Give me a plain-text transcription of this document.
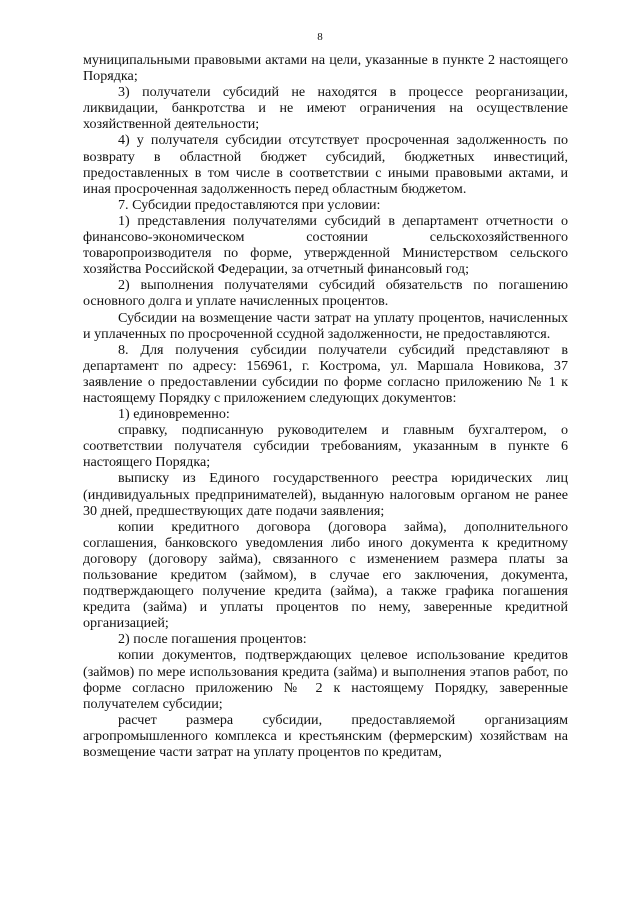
8

муниципальными правовыми актами на цели, указанные в пункте 2 настоящего Порядка;

3) получатели субсидий не находятся в процессе реорганизации, ликвидации, банкротства и не имеют ограничения на осуществление хозяйственной деятельности;

4) у получателя субсидии отсутствует просроченная задолженность по возврату в областной бюджет субсидий, бюджетных инвестиций, предоставленных в том числе в соответствии с иными правовыми актами, и иная просроченная задолженность перед областным бюджетом.

7. Субсидии предоставляются при условии:

1) представления получателями субсидий в департамент отчетности о финансово-экономическом состоянии сельскохозяйственного товаропроизводителя по форме, утвержденной Министерством сельского хозяйства Российской Федерации, за отчетный финансовый год;

2) выполнения получателями субсидий обязательств по погашению основного долга и уплате начисленных процентов.

Субсидии на возмещение части затрат на уплату процентов, начисленных и уплаченных по просроченной ссудной задолженности, не предоставляются.

8. Для получения субсидии получатели субсидий представляют в департамент по адресу: 156961, г. Кострома, ул. Маршала Новикова, 37 заявление о предоставлении субсидии по форме согласно приложению № 1 к настоящему Порядку с приложением следующих документов:

1) единовременно:

справку, подписанную руководителем и главным бухгалтером, о соответствии получателя субсидии требованиям, указанным в пункте 6 настоящего Порядка;

выписку из Единого государственного реестра юридических лиц (индивидуальных предпринимателей), выданную налоговым органом не ранее 30 дней, предшествующих дате подачи заявления;

копии кредитного договора (договора займа), дополнительного соглашения, банковского уведомления либо иного документа к кредитному договору (договору займа), связанного с изменением размера платы за пользование кредитом (займом), в случае его заключения, документа, подтверждающего получение кредита (займа), а также графика погашения кредита (займа) и уплаты процентов по нему, заверенные кредитной организацией;

2) после погашения процентов:

копии документов, подтверждающих целевое использование кредитов (займов) по мере использования кредита (займа) и выполнения этапов работ, по форме согласно приложению № 2 к настоящему Порядку, заверенные получателем субсидии;

расчет размера субсидии, предоставляемой организациям агропромышленного комплекса и крестьянским (фермерским) хозяйствам на возмещение части затрат на уплату процентов по кредитам,
